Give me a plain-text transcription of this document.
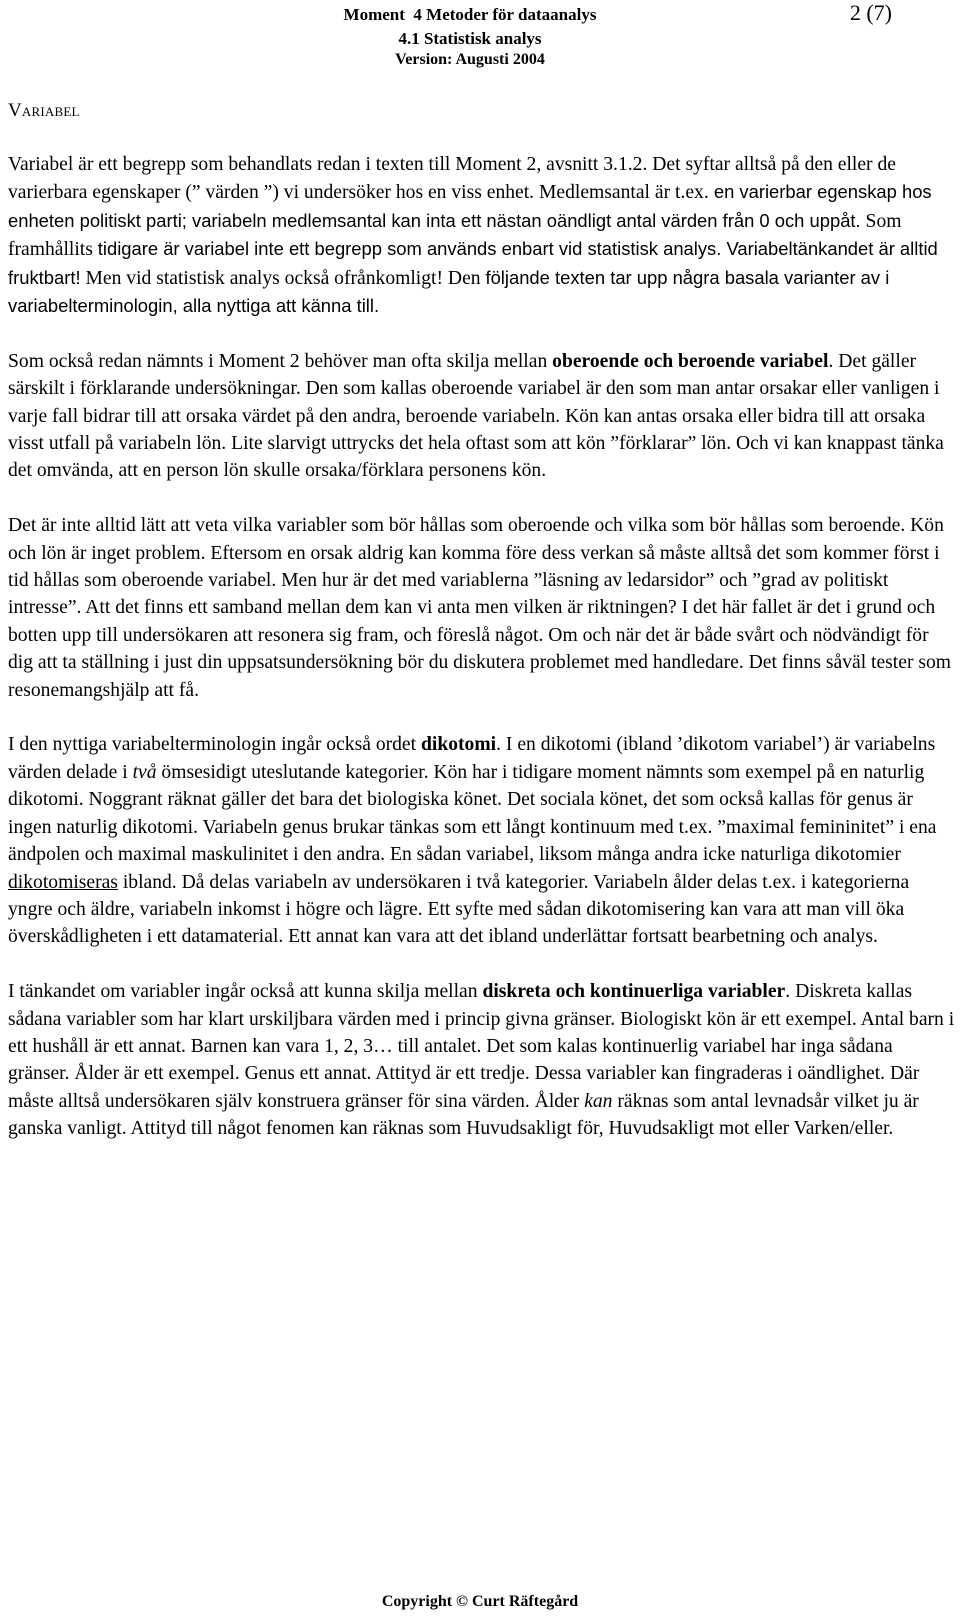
Moment  4 Metoder för dataanalys
4.1 Statistisk analys
Version: Augusti 2004
2 (7)
Variabel

Variabel är ett begrepp som behandlats redan i texten till Moment 2, avsnitt 3.1.2. Det syftar alltså på den eller de varierbara egenskaper (” värden ”) vi undersöker hos en viss enhet. Medlemsantal är t.ex. en varierbar egenskap hos enheten politiskt parti; variabeln medlemsantal kan inta ett nästan oändligt antal värden från 0 och uppåt. Som framhållits tidigare är variabel inte ett begrepp som används enbart vid statistisk analys. Variabeltänkandet är alltid fruktbart! Men vid statistisk analys också ofrånkomligt! Den följande texten tar upp några basala varianter av i variabelterminologin, alla nyttiga att känna till.

Som också redan nämnts i Moment 2 behöver man ofta skilja mellan oberoende och beroende variabel. Det gäller särskilt i förklarande undersökningar. Den som kallas oberoende variabel är den som man antar orsakar eller vanligen i varje fall bidrar till att orsaka värdet på den andra, beroende variabeln. Kön kan antas orsaka eller bidra till att orsaka visst utfall på variabeln lön. Lite slarvigt uttrycks det hela oftast som att kön ”förklarar” lön. Och vi kan knappast tänka det omvända, att en person lön skulle orsaka/förklara personens kön.

Det är inte alltid lätt att veta vilka variabler som bör hållas som oberoende och vilka som bör hållas som beroende. Kön och lön är inget problem. Eftersom en orsak aldrig kan komma före dess verkan så måste alltså det som kommer först i tid hållas som oberoende variabel. Men hur är det med variablerna ”läsning av ledarsidor” och ”grad av politiskt intresse”. Att det finns ett samband mellan dem kan vi anta men vilken är riktningen? I det här fallet är det i grund och botten upp till undersökaren att resonera sig fram, och föreslå något. Om och när det är både svårt och nödvändigt för dig att ta ställning i just din uppsatsundersökning bör du diskutera problemet med handledare. Det finns såväl tester som resonemangshjälp att få.

I den nyttiga variabelterminologin ingår också ordet dikotomi. I en dikotomi (ibland ’dikotom variabel’) är variabelns värden delade i två ömsesidigt uteslutande kategorier. Kön har i tidigare moment nämnts som exempel på en naturlig dikotomi. Noggrant räknat gäller det bara det biologiska könet. Det sociala könet, det som också kallas för genus är ingen naturlig dikotomi. Variabeln genus brukar tänkas som ett långt kontinuum med t.ex. ”maximal femininitet” i ena ändpolen och maximal maskulinitet i den andra. En sådan variabel, liksom många andra icke naturliga dikotomier dikotomiseras ibland. Då delas variabeln av undersökaren i två kategorier. Variabeln ålder delas t.ex. i kategorierna yngre och äldre, variabeln inkomst i högre och lägre. Ett syfte med sådan dikotomisering kan vara att man vill öka överskådligheten i ett datamaterial. Ett annat kan vara att det ibland underlättar fortsatt bearbetning och analys.

I tänkandet om variabler ingår också att kunna skilja mellan diskreta och kontinuerliga variabler. Diskreta kallas sådana variabler som har klart urskiljbara värden med i princip givna gränser. Biologiskt kön är ett exempel. Antal barn i ett hushåll är ett annat. Barnen kan vara 1, 2, 3… till antalet. Det som kalas kontinuerlig variabel har inga sådana gränser. Ålder är ett exempel. Genus ett annat. Attityd är ett tredje. Dessa variabler kan fingraderas i oändlighet. Där måste alltså undersökaren själv konstruera gränser för sina värden. Ålder kan räknas som antal levnadsår vilket ju är ganska vanligt. Attityd till något fenomen kan räknas som Huvudsakligt för, Huvudsakligt mot eller Varken/eller.

Copyright © Curt Räftegård
